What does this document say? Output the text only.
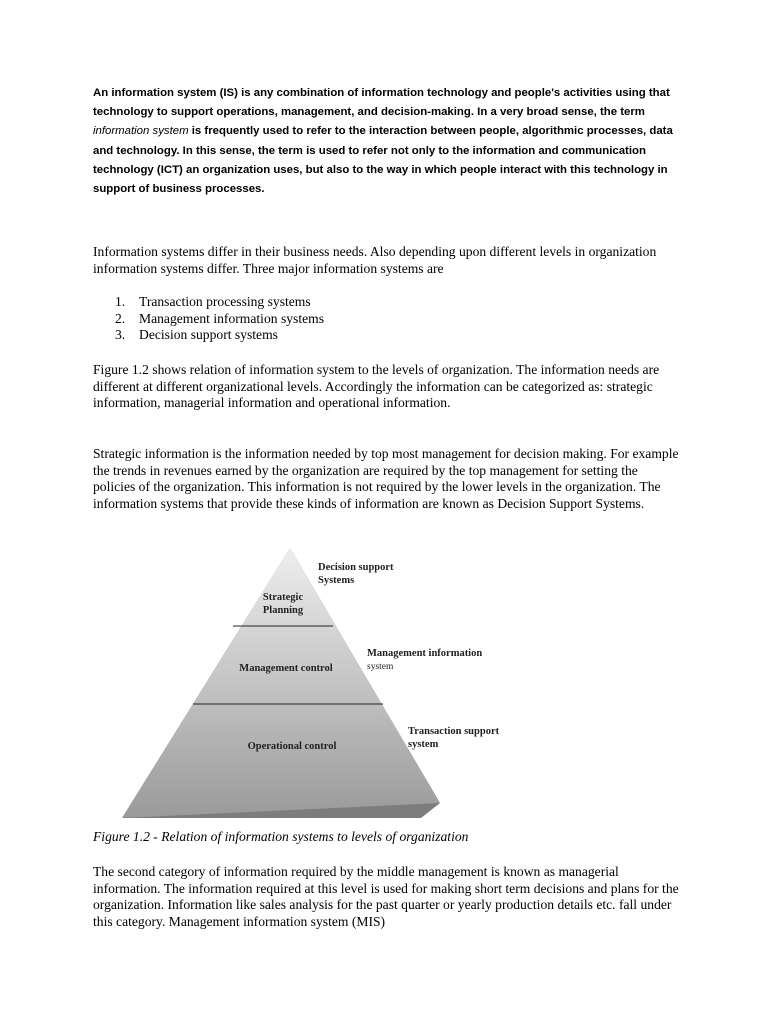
An information system (IS) is any combination of information technology and people's activities using that technology to support operations, management, and decision-making. In a very broad sense, the term information system is frequently used to refer to the interaction between people, algorithmic processes, data and technology. In this sense, the term is used to refer not only to the information and communication technology (ICT) an organization uses, but also to the way in which people interact with this technology in support of business processes.

Information systems differ in their business needs. Also depending upon different levels in organization information systems differ. Three major information systems are

1.	Transaction processing systems
2.	Management information systems
3.	Decision support systems

Figure 1.2 shows relation of information system to the levels of organization. The information needs are different at different organizational levels. Accordingly the information can be categorized as: strategic information, managerial information and operational information.

Strategic information is the information needed by top most management for decision making. For example the trends in revenues earned by the organization are required by the top management for setting the policies of the organization. This information is not required by the lower levels in the organization. The information systems that provide these kinds of information are known as Decision Support Systems.

Strategic
Planning
Management control
Operational control
Decision support
Systems
Management information
system
Transaction support
system

Figure 1.2 - Relation of information systems to levels of organization

The second category of information required by the middle management is known as managerial information. The information required at this level is used for making short term decisions and plans for the organization. Information like sales analysis for the past quarter or yearly production details etc. fall under this category. Management information system (MIS)
